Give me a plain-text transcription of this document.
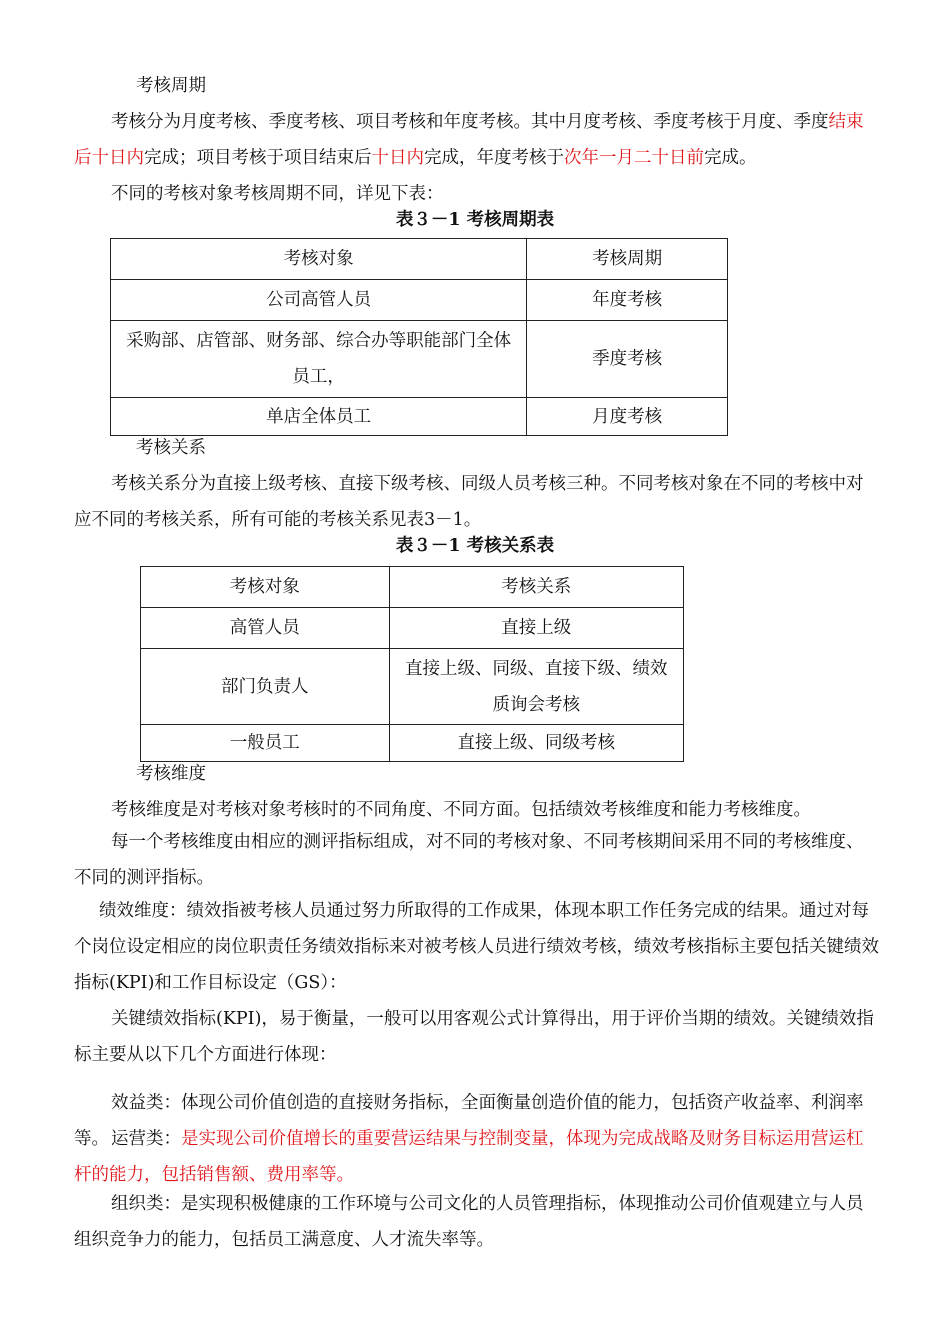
考核周期

考核分为月度考核、季度考核、项目考核和年度考核。其中月度考核、季度考核于月度、季度结束后十日内完成；项目考核于项目结束后十日内完成，年度考核于次年一月二十日前完成。

不同的考核对象考核周期不同，详见下表：

表３－1 考核周期表
考核对象	考核周期
公司高管人员	年度考核
采购部、店管部、财务部、综合办等职能部门全体员工，	季度考核
单店全体员工	月度考核

考核关系

考核关系分为直接上级考核、直接下级考核、同级人员考核三种。不同考核对象在不同的考核中对应不同的考核关系，所有可能的考核关系见表3－1。

表３－1 考核关系表
考核对象	考核关系
高管人员	直接上级
部门负责人	直接上级、同级、直接下级、绩效质询会考核
一般员工	直接上级、同级考核

考核维度

考核维度是对考核对象考核时的不同角度、不同方面。包括绩效考核维度和能力考核维度。

每一个考核维度由相应的测评指标组成，对不同的考核对象、不同考核期间采用不同的考核维度、不同的测评指标。

绩效维度：绩效指被考核人员通过努力所取得的工作成果，体现本职工作任务完成的结果。通过对每个岗位设定相应的岗位职责任务绩效指标来对被考核人员进行绩效考核，绩效考核指标主要包括关键绩效指标(KPI)和工作目标设定（GS）：

关键绩效指标(KPI)，易于衡量，一般可以用客观公式计算得出，用于评价当期的绩效。关键绩效指标主要从以下几个方面进行体现：

效益类：体现公司价值创造的直接财务指标，全面衡量创造价值的能力，包括资产收益率、利润率等。 运营类：是实现公司价值增长的重要营运结果与控制变量，体现为完成战略及财务目标运用营运杠杆的能力，包括销售额、费用率等。

组织类：是实现积极健康的工作环境与公司文化的人员管理指标，体现推动公司价值观建立与人员组织竞争力的能力，包括员工满意度、人才流失率等。
